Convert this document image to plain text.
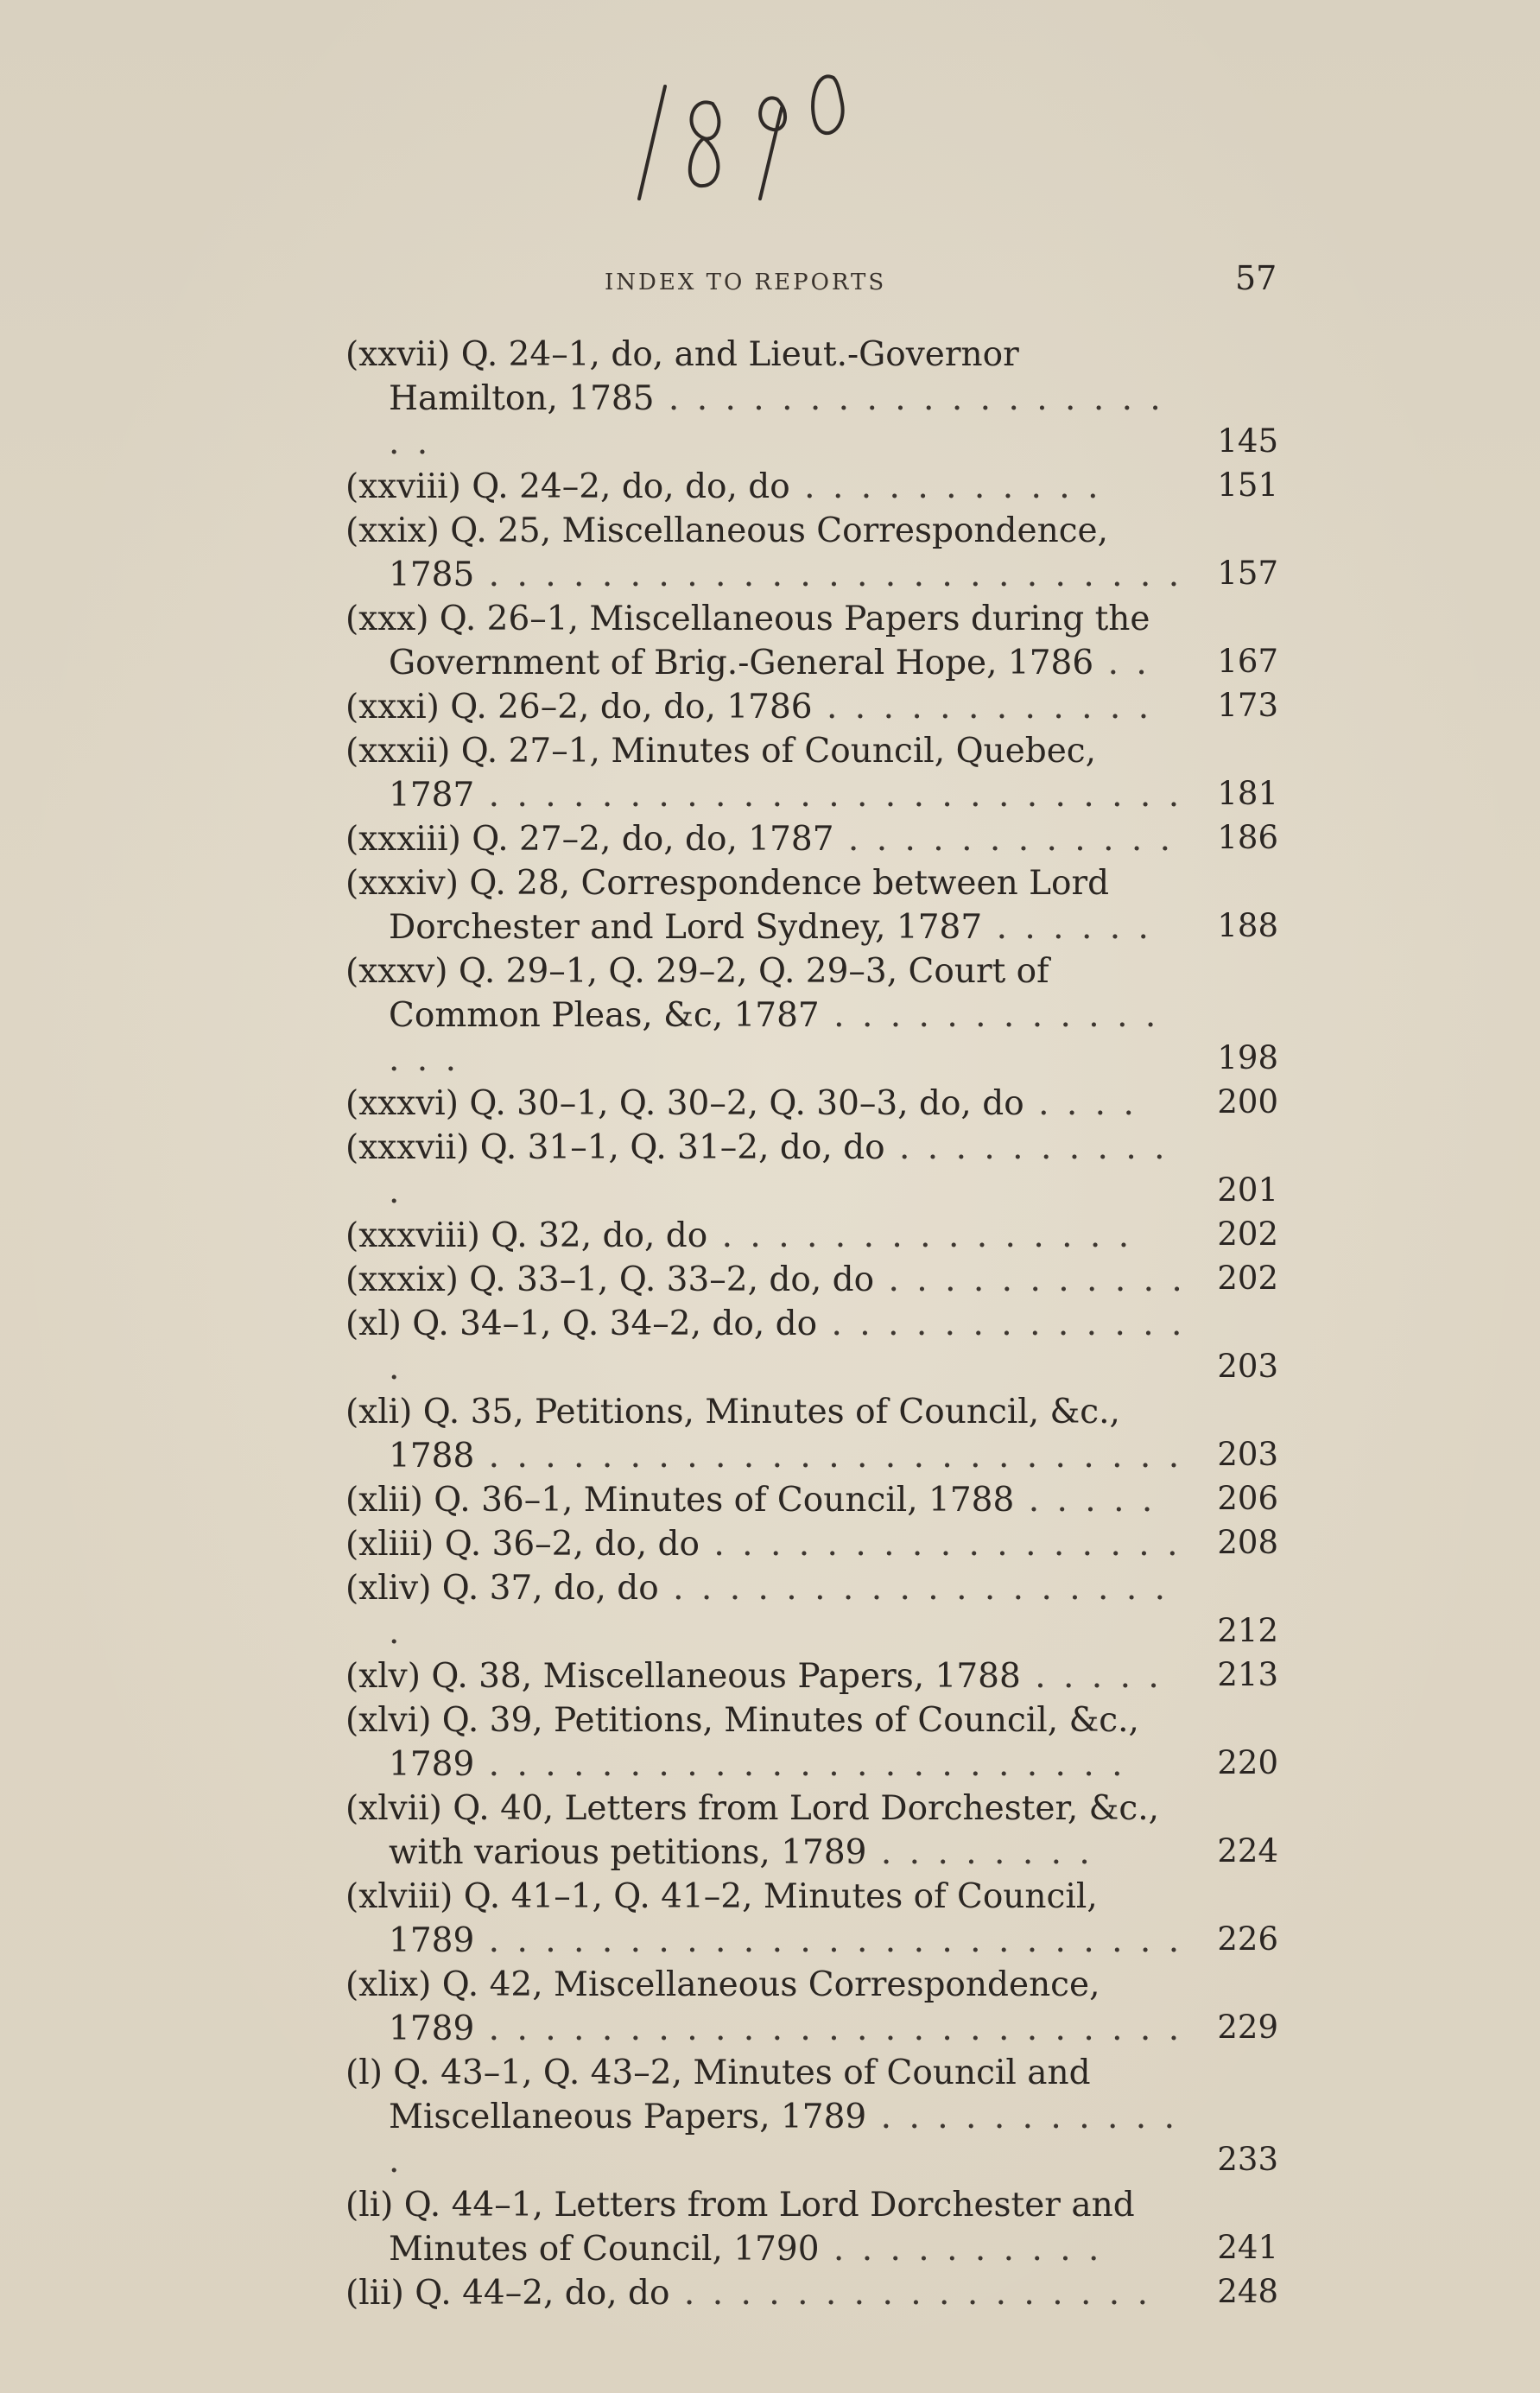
INDEX TO REPORTS	57
(xxvii) Q. 24–1, do, and Lieut.-Governor Hamilton, 1785 . . . . . . . . . . . . . . . . . . . .	145
(xxviii) Q. 24–2, do, do, do . . . . . . . . . . .	151
(xxix) Q. 25, Miscellaneous Correspondence, 1785 . . . . . . . . . . . . . . . . . . . . . . . . .	157
(xxx) Q. 26–1, Miscellaneous Papers during the Government of Brig.-General Hope, 1786 . .	167
(xxxi) Q. 26–2, do, do, 1786 . . . . . . . . . . . .	173
(xxxii) Q. 27–1, Minutes of Council, Quebec, 1787 . . . . . . . . . . . . . . . . . . . . . . . . .	181
(xxxiii) Q. 27–2, do, do, 1787 . . . . . . . . . . . .	186
(xxxiv) Q. 28, Correspondence between Lord Dorchester and Lord Sydney, 1787 . . . . . .	188
(xxxv) Q. 29–1, Q. 29–2, Q. 29–3, Court of Common Pleas, &c, 1787 . . . . . . . . . . . . . . .	198
(xxxvi) Q. 30–1, Q. 30–2, Q. 30–3, do, do . . . .	200
(xxxvii) Q. 31–1, Q. 31–2, do, do . . . . . . . . . . .	201
(xxxviii) Q. 32, do, do . . . . . . . . . . . . . . .	202
(xxxix) Q. 33–1, Q. 33–2, do, do . . . . . . . . . . . 202
(xl) Q. 34–1, Q. 34–2, do, do . . . . . . . . . . . . . .	203
(xli) Q. 35, Petitions, Minutes of Council, &c., 1788 . . . . . . . . . . . . . . . . . . . . . . . . .	203
(xlii) Q. 36–1, Minutes of Council, 1788 . . . . .	206
(xliii) Q. 36–2, do, do . . . . . . . . . . . . . . . . .	208
(xliv) Q. 37, do, do . . . . . . . . . . . . . . . . . . .	212
(xlv) Q. 38, Miscellaneous Papers, 1788 . . . . .	213
(xlvi) Q. 39, Petitions, Minutes of Council, &c., 1789 . . . . . . . . . . . . . . . . . . . . . . .	220
(xlvii) Q. 40, Letters from Lord Dorchester, &c., with various petitions, 1789 . . . . . . . .	224
(xlviii) Q. 41–1, Q. 41–2, Minutes of Council, 1789 . . . . . . . . . . . . . . . . . . . . . . . . .	226
(xlix) Q. 42, Miscellaneous Correspondence, 1789 . . . . . . . . . . . . . . . . . . . . . . . . .	229
(l) Q. 43–1, Q. 43–2, Minutes of Council and Miscellaneous Papers, 1789 . . . . . . . . . . . .	233
(li) Q. 44–1, Letters from Lord Dorchester and Minutes of Council, 1790 . . . . . . . . . .	241
(lii) Q. 44–2, do, do . . . . . . . . . . . . . . . . .	248
